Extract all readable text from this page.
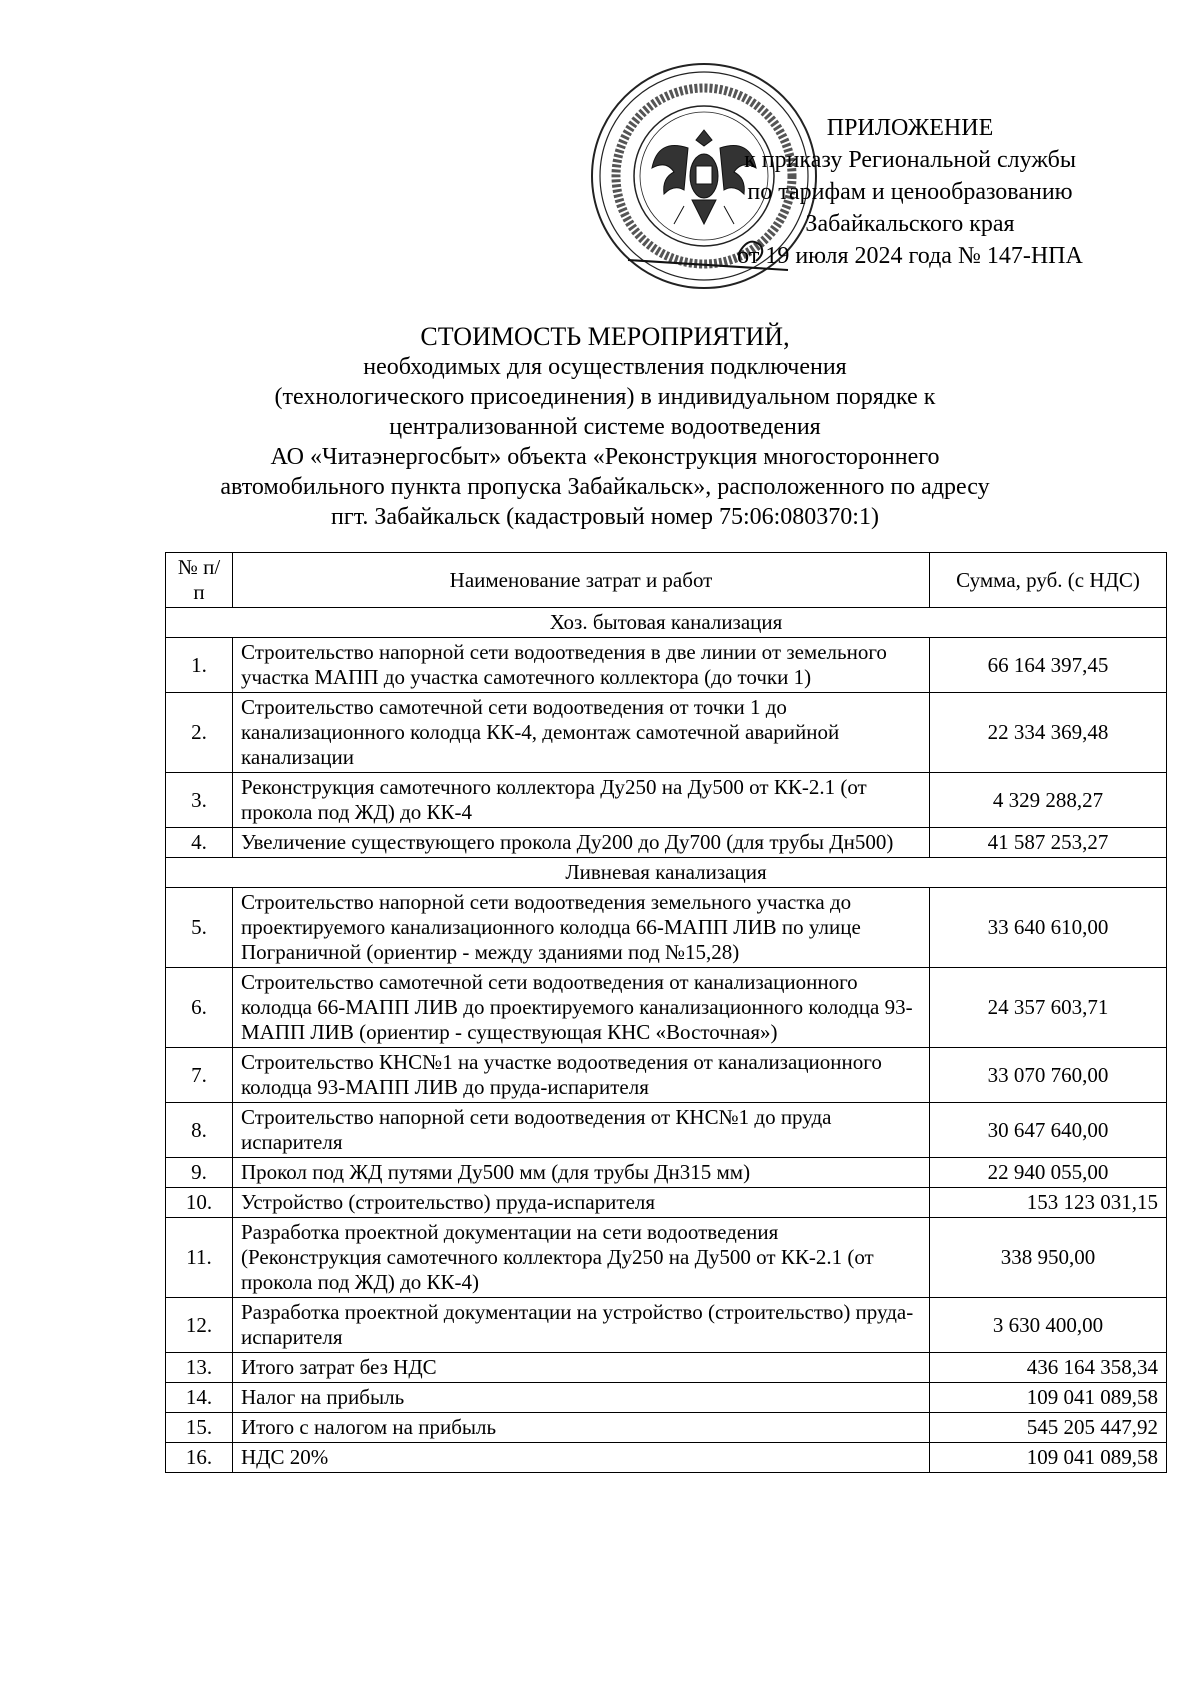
ПРИЛОЖЕНИЕ
к приказу Региональной службы
по тарифам и ценообразованию
Забайкальского края
от 19 июля 2024 года № 147-НПА
СТОИМОСТЬ МЕРОПРИЯТИЙ,
необходимых для осуществления подключения
(технологического присоединения) в индивидуальном порядке к
централизованной системе водоотведения
АО «Читаэнергосбыт» объекта «Реконструкция многостороннего
автомобильного пункта пропуска Забайкальск», расположенного по адресу
пгт. Забайкальск (кадастровый номер 75:06:080370:1)
№ п/п	Наименование затрат и работ	Сумма, руб. (с НДС)
Хоз. бытовая канализация		
1.	Строительство напорной сети водоотведения в две линии от земельного участка МАПП до участка самотечного коллектора (до точки 1)	66 164 397,45
2.	Строительство самотечной сети водоотведения от точки 1 до канализационного колодца КК-4, демонтаж самотечной аварийной канализации	22 334 369,48
3.	Реконструкция самотечного коллектора Ду250 на Ду500 от КК-2.1 (от прокола под ЖД) до КК-4	4 329 288,27
4.	Увеличение существующего прокола Ду200 до Ду700 (для трубы Дн500)	41 587 253,27
Ливневая канализация		
5.	Строительство напорной сети водоотведения земельного участка до проектируемого канализационного колодца 66-МАПП ЛИВ по улице Пограничной (ориентир - между зданиями под №15,28)	33 640 610,00
6.	Строительство самотечной сети водоотведения от канализационного колодца 66-МАПП ЛИВ до проектируемого канализационного колодца 93-МАПП ЛИВ (ориентир - существующая КНС «Восточная»)	24 357 603,71
7.	Строительство КНС№1 на участке водоотведения от канализационного колодца 93-МАПП ЛИВ до пруда-испарителя	33 070 760,00
8.	Строительство напорной сети водоотведения от КНС№1 до пруда испарителя	30 647 640,00
9.	Прокол под ЖД путями Ду500 мм (для трубы Дн315 мм)	22 940 055,00
10.	Устройство (строительство) пруда-испарителя	153 123 031,15
11.	Разработка проектной документации на сети водоотведения (Реконструкция самотечного коллектора Ду250 на Ду500 от КК-2.1 (от прокола под ЖД) до КК-4)	338 950,00
12.	Разработка проектной документации на устройство (строительство) пруда-испарителя	3 630 400,00
13.	Итого затрат без НДС	436 164 358,34
14.	Налог на прибыль	109 041 089,58
15.	Итого с налогом на прибыль	545 205 447,92
16.	НДС 20%	109 041 089,58
